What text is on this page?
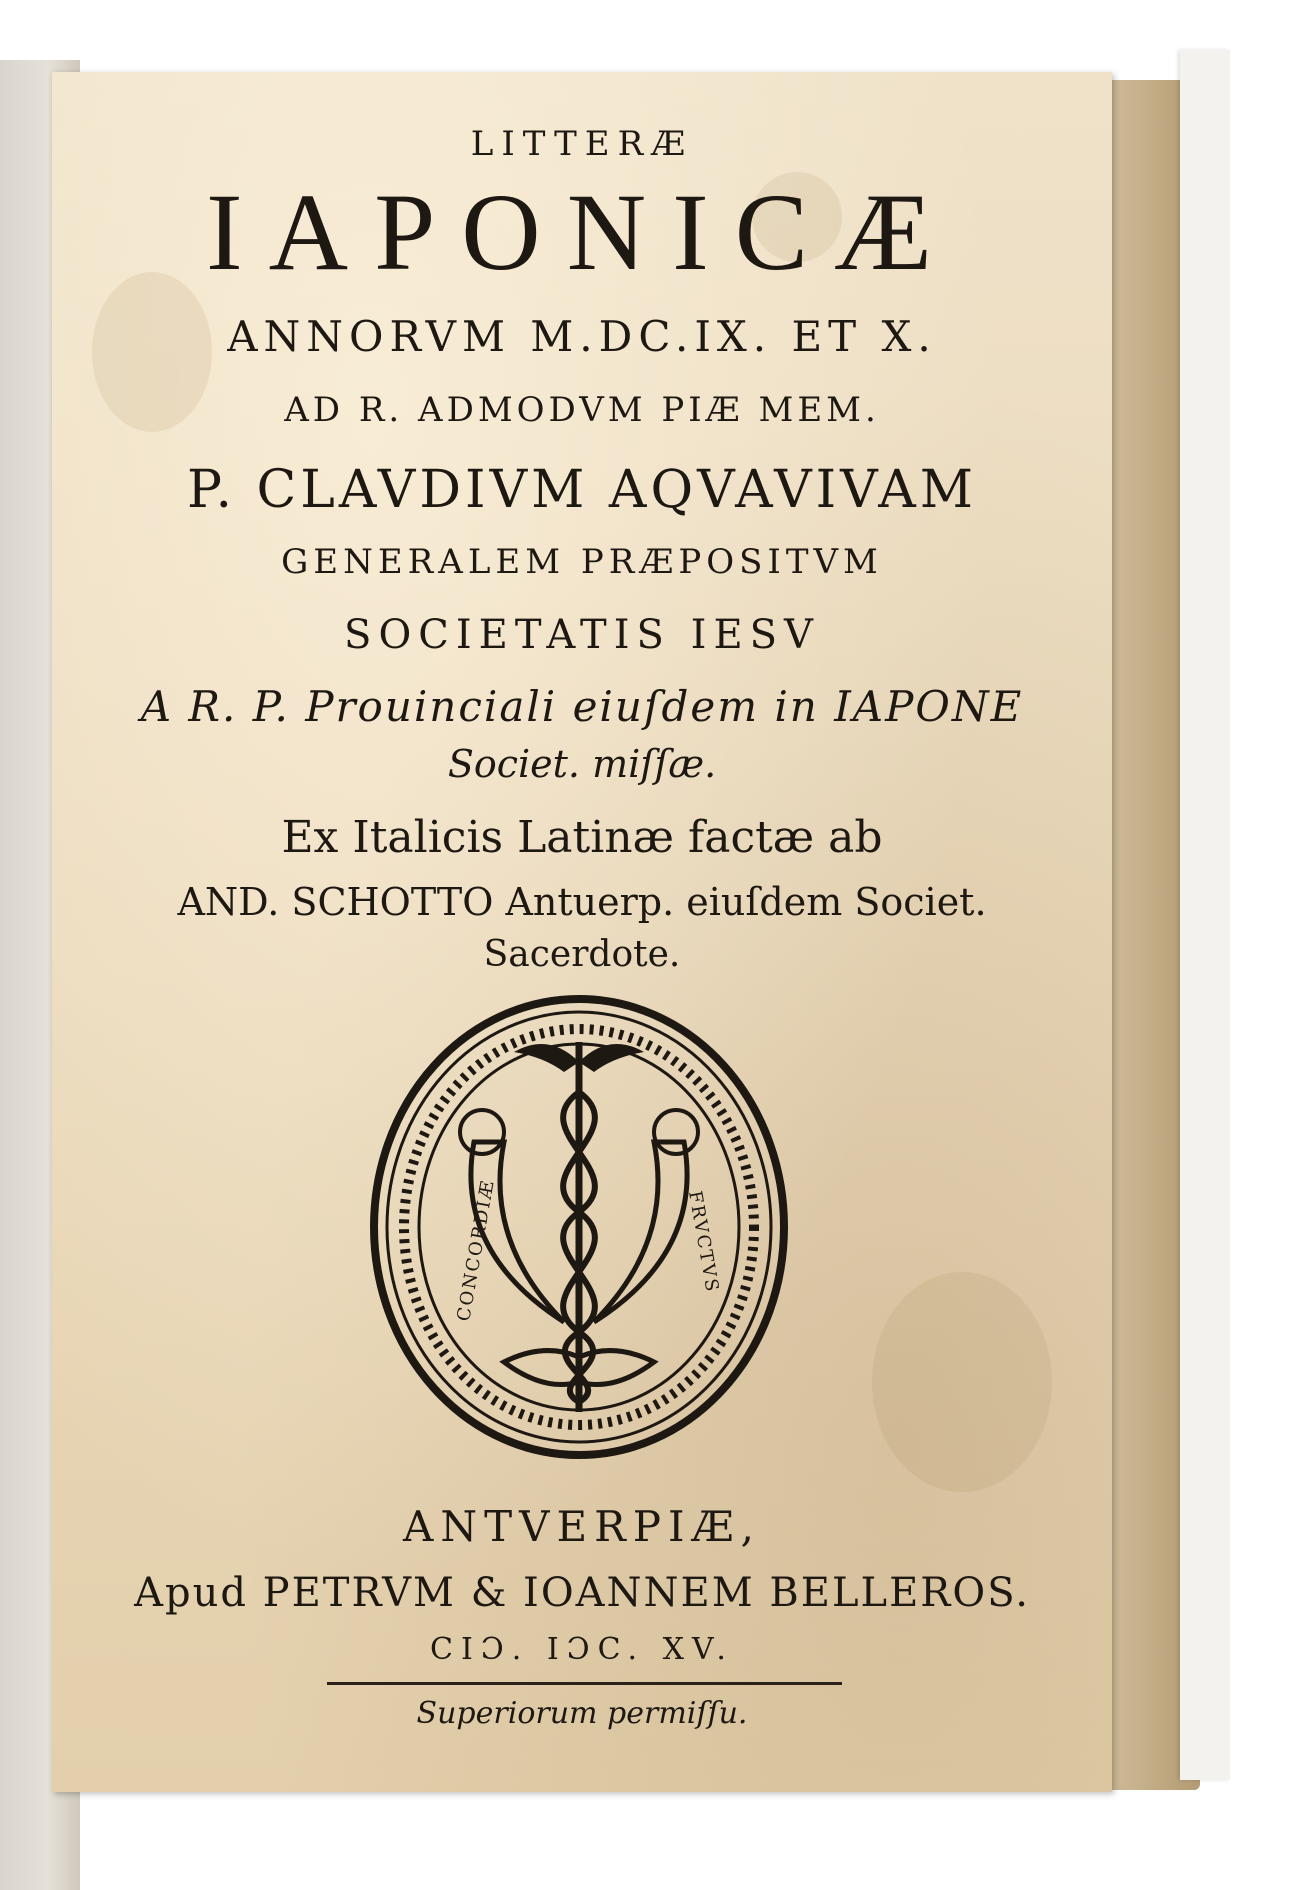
LITTERÆ
IAPONICÆ
ANNORVM M.DC.IX. ET X.
AD R. ADMODVM PIÆ MEM.
P. CLAVDIVM AQVAVIVAM
GENERALEM PRÆPOSITVM
SOCIETATIS IESV
A R. P. Prouinciali eiuſdem in IAPONE
Societ. miſſæ.
Ex Italicis Latinæ factæ ab
AND. SCHOTTO Antuerp. eiuſdem Societ.
Sacerdote.
CONCORDIÆ	FRVCTVS
ANTVERPIÆ,
Apud PETRVM & IOANNEM BELLEROS.
CIƆ. IƆC. XV.
Superiorum permiſſu.
